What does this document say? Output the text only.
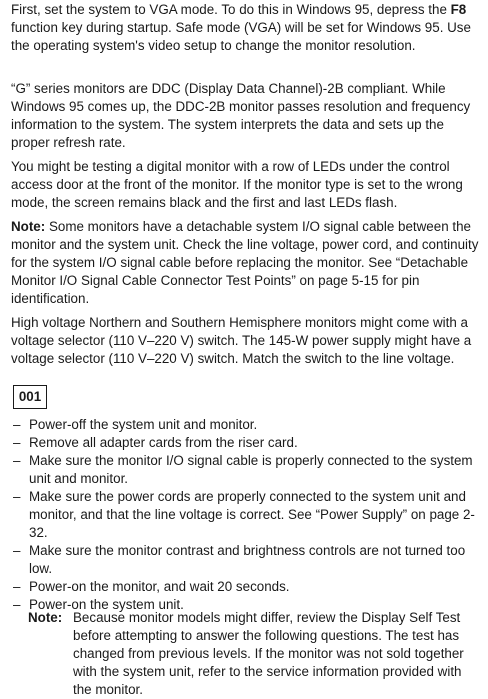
First, set the system to VGA mode. To do this in Windows 95, depress the F8 function key during startup. Safe mode (VGA) will be set for Windows 95. Use the operating system's video setup to change the monitor resolution.

“G” series monitors are DDC (Display Data Channel)-2B compliant. While Windows 95 comes up, the DDC-2B monitor passes resolution and frequency information to the system. The system interprets the data and sets up the proper refresh rate.

You might be testing a digital monitor with a row of LEDs under the control access door at the front of the monitor. If the monitor type is set to the wrong mode, the screen remains black and the first and last LEDs flash.

Note: Some monitors have a detachable system I/O signal cable between the monitor and the system unit. Check the line voltage, power cord, and continuity for the system I/O signal cable before replacing the monitor. See “Detachable Monitor I/O Signal Cable Connector Test Points” on page 5-15 for pin identification.

High voltage Northern and Southern Hemisphere monitors might come with a voltage selector (110 V–220 V) switch. The 145-W power supply might have a voltage selector (110 V–220 V) switch. Match the switch to the line voltage.

001
– Power-off the system unit and monitor.
– Remove all adapter cards from the riser card.
– Make sure the monitor I/O signal cable is properly connected to the system unit and monitor.
– Make sure the power cords are properly connected to the system unit and monitor, and that the line voltage is correct. See “Power Supply” on page 2-32.
– Make sure the monitor contrast and brightness controls are not turned too low.
– Power-on the monitor, and wait 20 seconds.
– Power-on the system unit.
Note: Because monitor models might differ, review the Display Self Test before attempting to answer the following questions. The test has changed from previous levels. If the monitor was not sold together with the system unit, refer to the service information provided with the monitor.
